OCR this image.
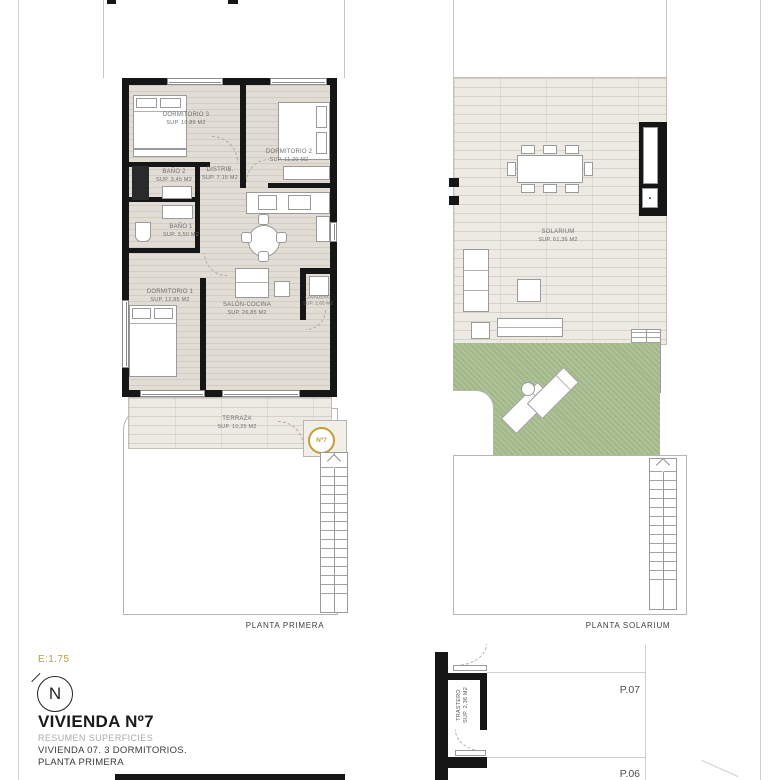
DORMITORIO 3
SUP. 10,89 M2
DORMITORIO 2
SUP. 11,20 M2
BAÑO 2
SUP. 3,45 M2
DISTRIB.
SUP. 7,15 M2
BAÑO 1
SUP. 3,50 M2
DORMITORIO 1
SUP. 12,85 M2
SALÓN-COCINA
SUP. 26,85 M2
LAVADERO
SUP. 2,65 M2
TERRAZA
SUP. 10,25 M2
Nº7
PLANTA PRIMERA
SOLARIUM
SUP. 61,36 M2
PLANTA SOLARIUM
E:1.75
N
VIVIENDA Nº7
RESUMEN SUPERFICIES
VIVIENDA 07. 3 DORMITORIOS.
PLANTA PRIMERA
TRASTERO SUP. 2,36 M2	P.07
P.06
